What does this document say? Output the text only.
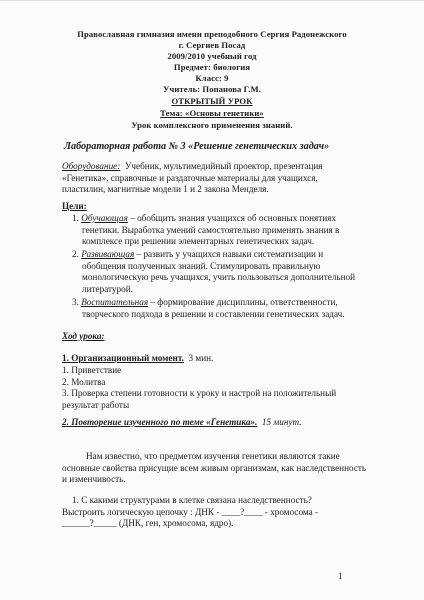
Православная гимназия имени преподобного Сергия Радонежского
г. Сергиев Посад
2009/2010 учебный год
Предмет: биология
Класс: 9
Учитель: Попанова Г.М.
ОТКРЫТЫЙ УРОК
Тема: «Основы генетики»
Урок комплексного применения знаний.
Лабораторная работа № 3 «Решение генетических задач»
Оборудование: Учебник, мультимедийный проектор, презентация
«Генетика», справочные и раздаточные материалы для учащихся,
пластилин, магнитные модели 1 и 2 закона Менделя.
Цели:
1. Обучающая – обобщить знания учащихся об основных понятиях
генетики. Выработка умений самостоятельно применять знания в
комплексе при решении элементарных генетических задач.
2. Развивающая – развить у учащихся навыки систематизации и
обобщения полученных знаний. Стимулировать правильную
монологическую речь учащихся, учить пользоваться дополнительной
литературой.
3. Воспитательная – формирование дисциплины, ответственности,
творческого подхода в решении и составлении генетических задач.
Ход урока:
1. Организационный момент. 3 мин.
1. Приветствие
2. Молитва
3. Проверка степени готовности к уроку и настрой на положительный
результат работы
2. Повторение изученного по теме «Генетика». 15 минут.
Нам известно, что предметом изучения генетики являются такие
основные свойства присущие всем живым организмам, как наследственность
и изменчивость.
1. С какими структурами в клетке связана наследственность?
Выстроить логическую цепочку : ДНК - ____?____ - хромосома -
______?_____ (ДНК, ген, хромосома, ядро).
1
